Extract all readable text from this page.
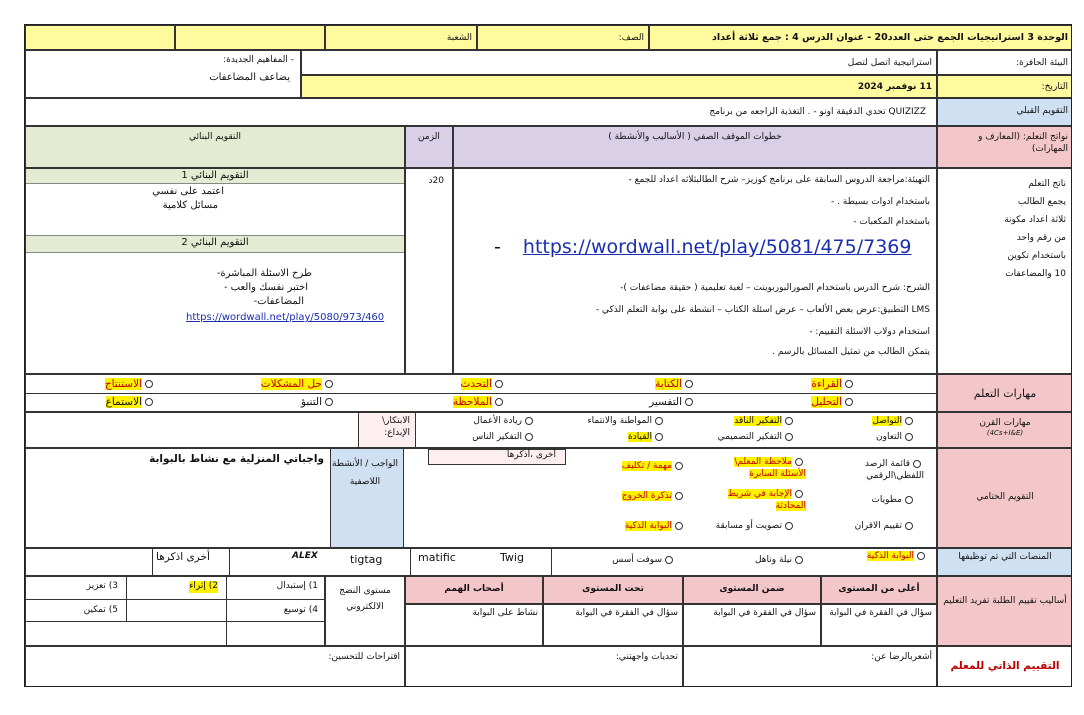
الوحدة 3 استراتيجيات الجمع حتى العدد20 - عنوان الدرس 4 : جمع ثلاثة أعداد
الصف:
الشعبة
البيئة الحافزة:
استراتيجية اتصل لتصل
- المفاهيم الجديدة:
يضاعف المضاعفات
التاريخ:
11 نوفمبر 2024
التقويم القبلي
QUIZIZZ تحدي الدقيقة اونو - . التغذية الراجعه من برنامج
نواتج التعلم: (المعارف و المهارات)
خطوات الموقف الصفي ( الأساليب والأنشطة )
الزمن
التقويم البنائي
ناتج التعلم
يجمع الطالب
ثلاثة اعداد مكونة
من رقم واحد
باستخدام تكوين
10 والمضاعفات
التهيئة:مراجعة الدروس السابقة على برنامج كوزيز– شرح الطالبثلاثه اعداد للجمع -
باستخدام ادوات بسيطة . -
باستخدام المكعبات -
- https://wordwall.net/play/5081/475/7369
الشرح: شرح الدرس باستخدام الصورالبوربوينت – لعبة تعليمية ( حقيقة مضاعفات )-
LMS التطبيق:عرض بعض الألعاب – عرض اسئلة الكتاب – انشطة على بوابة التعلم الذكي -
استخدام دولاب الاسئلة التقييم: -
يتمكن الطالب من تمثيل المسائل بالرسم .
20د
التقويم البنائي 1
اعتمد على نفسي
مسائل كلامية
التقويم البنائي 2
طرح الاسئلة المباشرة-
اختبر نفسك والعب -
المضاعفات-
https://wordwall.net/play/5080/973/460
مهارات التعلم
القراءة
الكتابة
التحدث
حل المشكلات
الاستنتاج
التحليل
التفسير
الملاحظة
التنبؤ
الاستماع
مهارات القرن
(4Cs+I&E)
التواصل
التعاون
التفكير الناقد
التفكير التصميمي
المواطنة والانتماء
القيادة
ريادة الأعمال
التفكير الناس
الابتكار\ الإبداع:
التقويم الختامي
قائمة الرصد اللفظي\الرقمي
ملاحظة المعلم\ الأسئلة السابرة
مهمة / تكليف
مطويات
الإجابة في شريط المحادثة
تذكرة الخروج
تقييم الاقران
تصويت أو مسابقة
البوابة الذكية
أخرى ،أذكرها
الواجب / الأنشطة اللاصفية
واجباتي المنزلية مع نشاط بالبوابة
المنصات التي تم توظيفها
البوابة الذكية
نيلة وناهل
سوفت أسس
Twig
matific
tigtag
ALEX
أخرى اذكرها
أساليب تقييم الطلبة تفريد التعليم
أعلى من المستوى
ضمن المستوى
تحت المستوى
أصحاب الهمم
سؤال في الفقرة في البوابة
سؤال في الفقرة في البوابة
سؤال في الفقرة في البوابة
نشاط على البوابة
مستوى النضج الالكتروني
1) إستبدال
2) إثراء
3) تعزيز
4) توسيع
5) تمكين
التقييم الذاتي للمعلم
أشعربالرضا عن:
تحديات واجهتني:
اقتراحات للتحسين:
